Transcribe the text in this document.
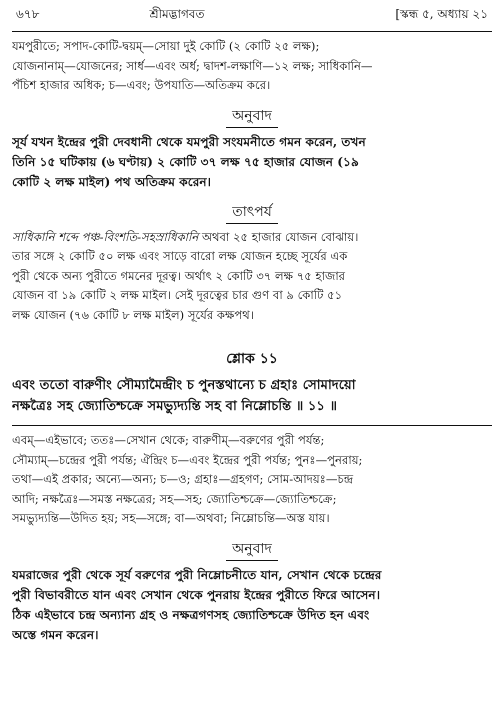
৬৭৮	শ্রীমদ্ভাগবত	[স্কন্ধ ৫, অধ্যায় ২১
যমপুরীতে; সপাদ-কোটি-দ্বয়ম্—সোয়া দুই কোটি (২ কোটি ২৫ লক্ষ);
যোজনানাম্—যোজনের; সার্ধ—এবং অর্ধ; দ্বাদশ-লক্ষাণি—১২ লক্ষ; সাধিকানি—
পঁচিশ হাজার অধিক; চ—এবং; উপযাতি—অতিক্রম করে।
অনুবাদ
সূর্য যখন ইন্দ্রের পুরী দেবধানী থেকে যমপুরী সংযমনীতে গমন করেন, তখন
তিনি ১৫ ঘটিকায় (৬ ঘণ্টায়) ২ কোটি ৩৭ লক্ষ ৭৫ হাজার যোজন (১৯
কোটি ২ লক্ষ মাইল) পথ অতিক্রম করেন।
তাৎপর্য
সাধিকানি শব্দে পঞ্চ-বিংশতি-সহস্রাধিকানি অথবা ২৫ হাজার যোজন বোঝায়।
তার সঙ্গে ২ কোটি ৫০ লক্ষ এবং সাড়ে বারো লক্ষ যোজন হচ্ছে সূর্যের এক
পুরী থেকে অন্য পুরীতে গমনের দূরত্ব। অর্থাৎ ২ কোটি ৩৭ লক্ষ ৭৫ হাজার
যোজন বা ১৯ কোটি ২ লক্ষ মাইল। সেই দূরত্বের চার গুণ বা ৯ কোটি ৫১
লক্ষ যোজন (৭৬ কোটি ৮ লক্ষ মাইল) সূর্যের কক্ষপথ।
শ্লোক ১১
এবং ততো বারুণীং সৌম্যামৈন্দ্রীং চ পুনস্তথান্যে চ গ্রহাঃ সোমাদয়ো
নক্ষত্রৈঃ সহ জ্যোতিশ্চক্রে সমভ্যুদ্যন্তি সহ বা নিম্লোচন্তি ॥ ১১ ॥
এবম্—এইভাবে; ততঃ—সেখান থেকে; বারুণীম্—বরুণের পুরী পর্যন্ত;
সৌম্যাম্—চন্দ্রের পুরী পর্যন্ত; ঐন্দ্রিং চ—এবং ইন্দ্রের পুরী পর্যন্ত; পুনঃ—পুনরায়;
তথা—এই প্রকার; অন্যে—অন্য; চ—ও; গ্রহাঃ—গ্রহগণ; সোম-আদয়ঃ—চন্দ্র
আদি; নক্ষত্রৈঃ—সমস্ত নক্ষত্রের; সহ—সহ; জ্যোতিশ্চক্রে—জ্যোতিশ্চক্রে;
সমভ্যুদ্যন্তি—উদিত হয়; সহ—সঙ্গে; বা—অথবা; নিম্লোচন্তি—অস্ত যায়।
অনুবাদ
যমরাজের পুরী থেকে সূর্য বরুণের পুরী নিম্লোচনীতে যান, সেখান থেকে চন্দ্রের
পুরী বিভাবরীতে যান এবং সেখান থেকে পুনরায় ইন্দ্রের পুরীতে ফিরে আসেন।
ঠিক এইভাবে চন্দ্র অন্যান্য গ্রহ ও নক্ষত্রগণসহ জ্যোতিশ্চক্রে উদিত হন এবং
অস্তে গমন করেন।
